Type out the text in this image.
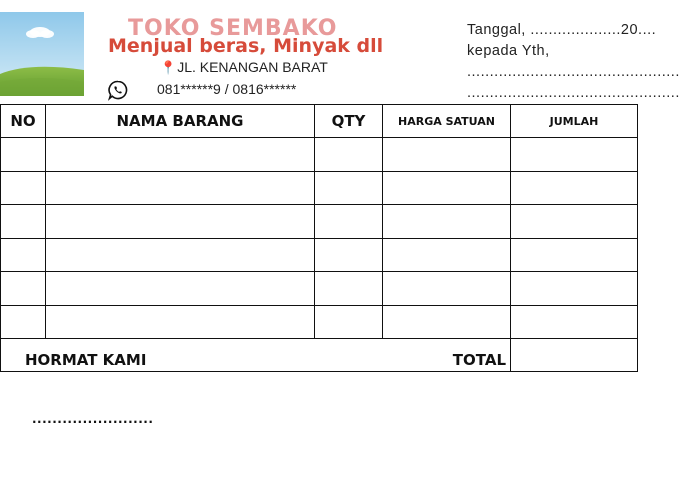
TOKO SEMBAKO
Menjual beras, Minyak dll
📍JL. KENANGAN BARAT
081******9 / 0816******
Tanggal, ....................20....
kepada Yth,
...............................................
...............................................
NO	NAMA BARANG	QTY	HARGA SATUAN	JUMLAH

HORMAT KAMI TOTAL				

........................
